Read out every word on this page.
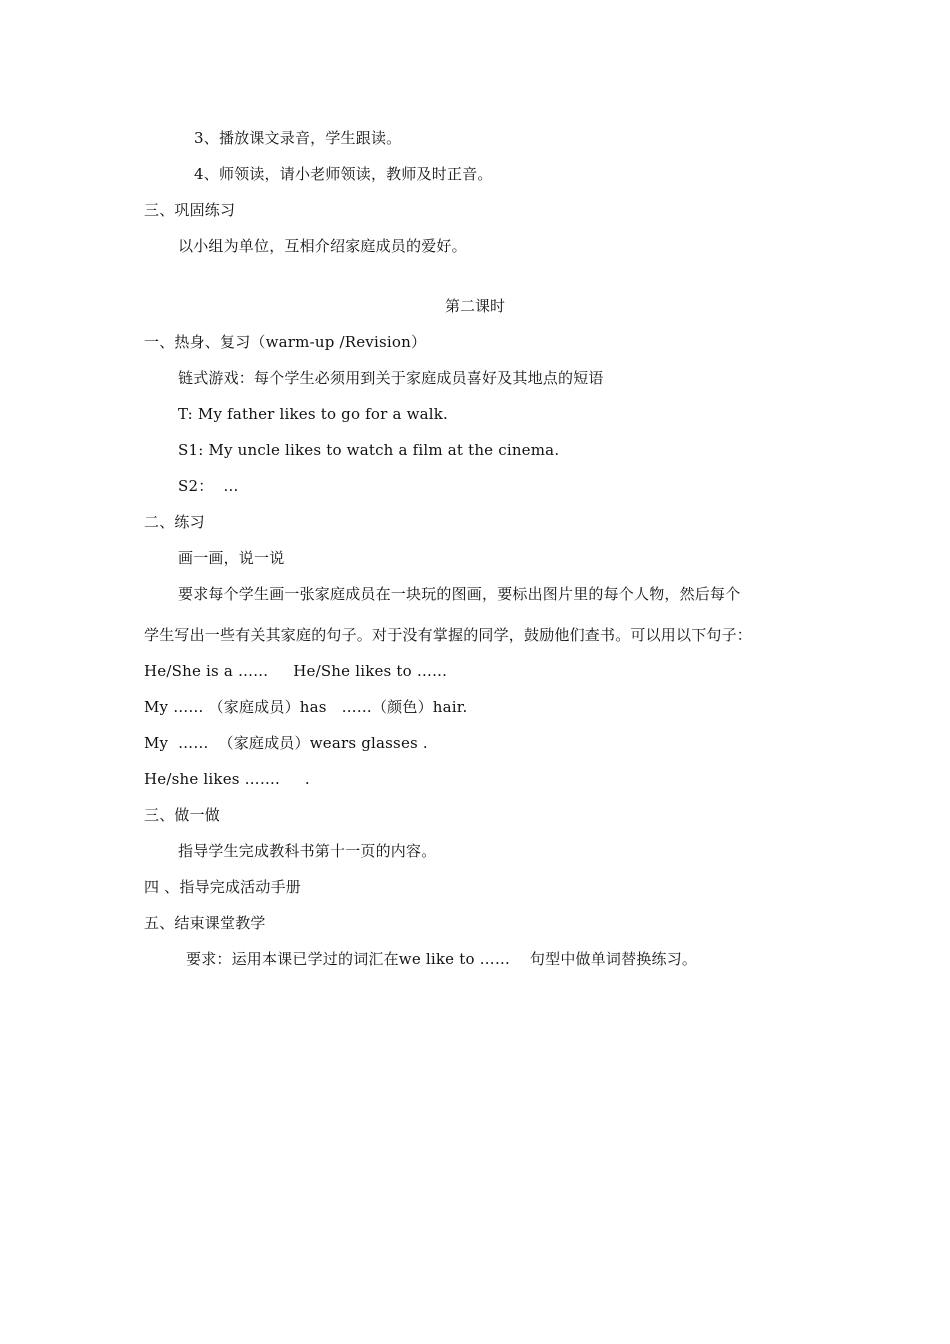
3、播放课文录音，学生跟读。
4、师领读，请小老师领读，教师及时正音。
三、巩固练习
以小组为单位，互相介绍家庭成员的爱好。
第二课时
一、热身、复习（warm-up /Revision）
链式游戏：每个学生必须用到关于家庭成员喜好及其地点的短语
T: My father likes to go for a walk.
S1: My uncle likes to watch a film at the cinema.
S2：  …
二、练习
画一画，说一说
要求每个学生画一张家庭成员在一块玩的图画，要标出图片里的每个人物，然后每个
学生写出一些有关其家庭的句子。对于没有掌握的同学，鼓励他们查书。可以用以下句子：
He/She is a ……     He/She likes to ……
My …… （家庭成员）has   ……（颜色）hair.
My  ……  （家庭成员）wears glasses .
He/she likes …….     .
三、做一做
指导学生完成教科书第十一页的内容。
四 、指导完成活动手册
五、结束课堂教学
要求：运用本课已学过的词汇在we like to ……    句型中做单词替换练习。
